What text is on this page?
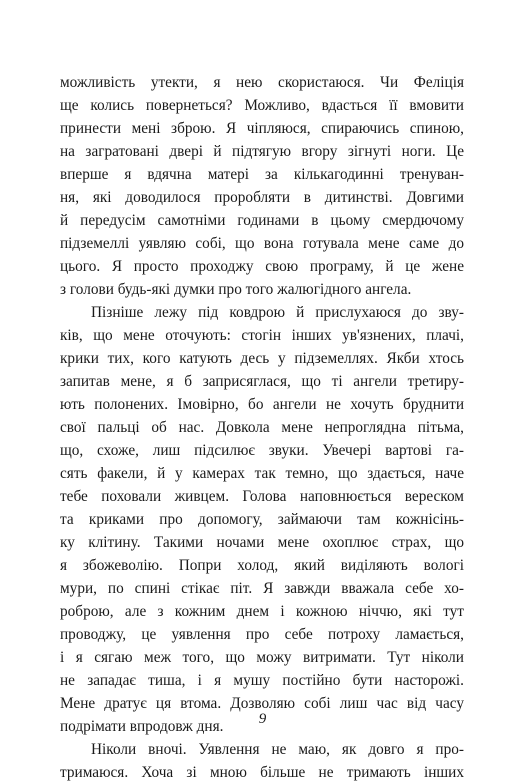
можливість утекти, я нею скористаюся. Чи Феліція
ще колись повернеться? Можливо, вдасться її вмовити
принести мені зброю. Я чіпляюся, спираючись спиною,
на загратовані двері й підтягую вгору зігнуті ноги. Це
вперше я вдячна матері за кількагодинні тренуван-
ня, які доводилося проробляти в дитинстві. Довгими
й передусім самотніми годинами в цьому смердючому
підземеллі уявляю собі, що вона готувала мене саме до
цього. Я просто проходжу свою програму, й це жене
з голови будь-які думки про того жалюгідного ангела.
Пізніше лежу під ковдрою й прислухаюся до зву-
ків, що мене оточують: стогін інших ув'язнених, плачі,
крики тих, кого катують десь у підземеллях. Якби хтось
запитав мене, я б заприсяглася, що ті ангели третиру-
ють полонених. Імовірно, бо ангели не хочуть бруднити
свої пальці об нас. Довкола мене непроглядна пітьма,
що, схоже, лиш підсилює звуки. Увечері вартові га-
сять факели, й у камерах так темно, що здається, наче
тебе поховали живцем. Голова наповнюється вереском
та криками про допомогу, займаючи там кожнісінь-
ку клітину. Такими ночами мене охоплює страх, що
я збожеволію. Попри холод, який виділяють вологі
мури, по спині стікає піт. Я завжди вважала себе хо-
роброю, але з кожним днем і кожною ніччю, які тут
проводжу, це уявлення про себе потроху ламається,
і я сягаю меж того, що можу витримати. Тут ніколи
не западає тиша, і я мушу постійно бути насторожі.
Мене дратує ця втома. Дозволяю собі лиш час від часу
подрімати впродовж дня.
Ніколи вночі. Уявлення не маю, як довго я про-
тримаюся. Хоча зі мною більше не тримають інших
9
